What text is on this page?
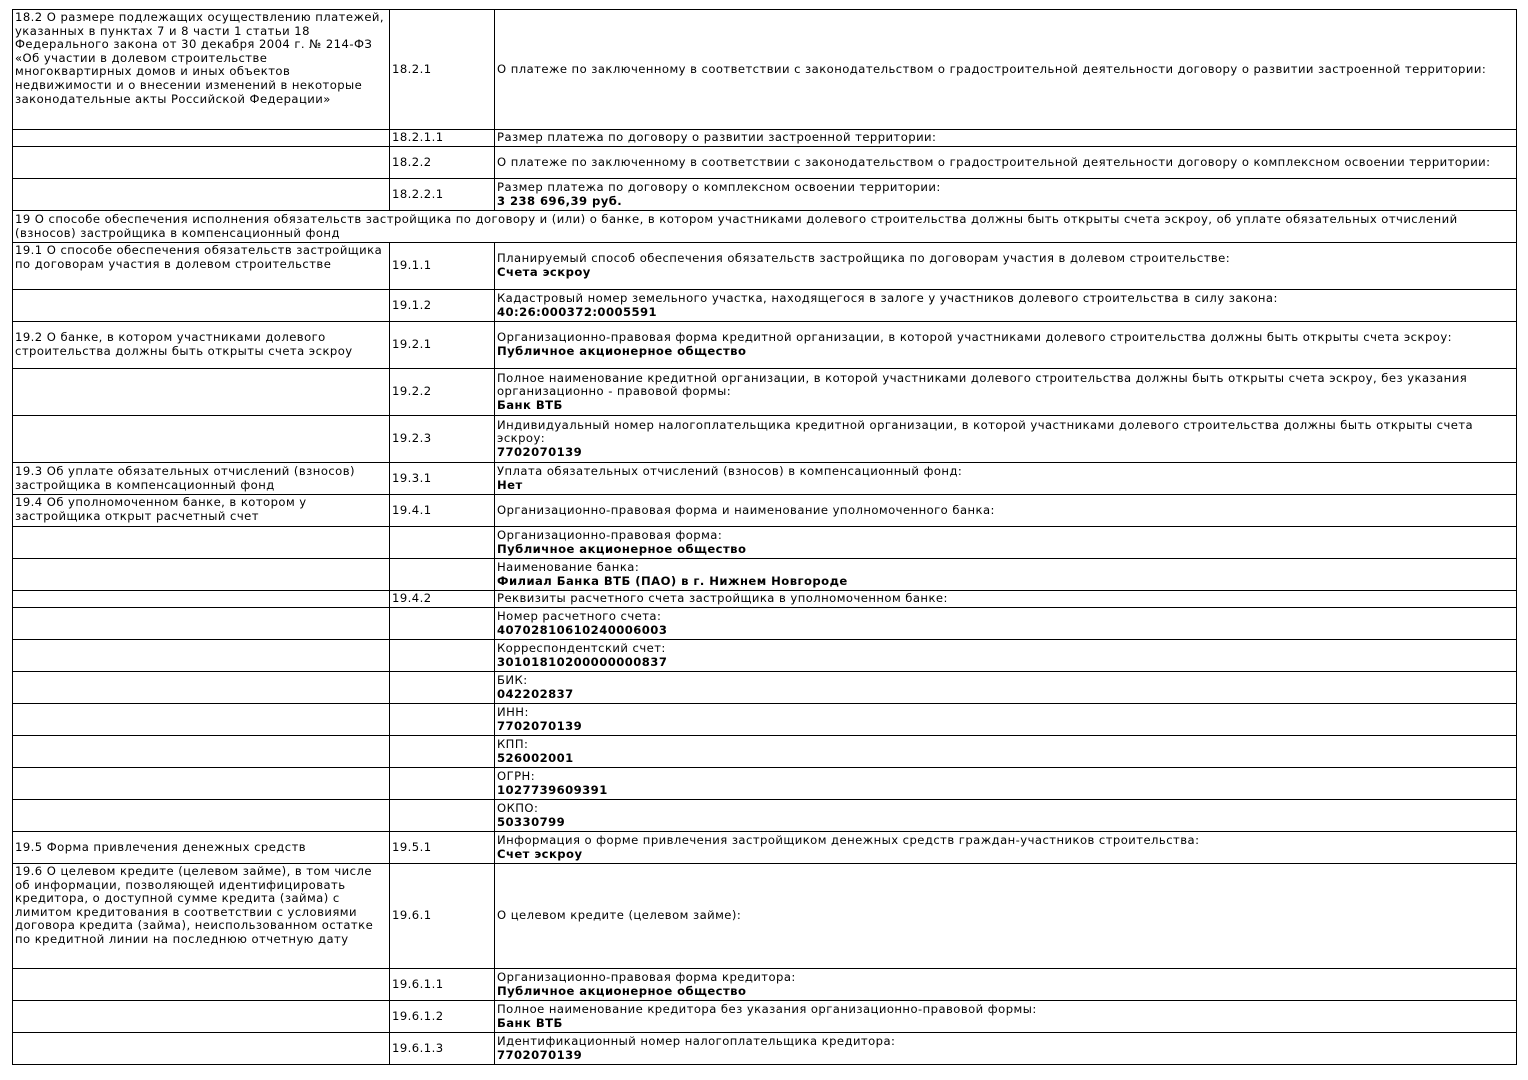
18.2 О размере подлежащих осуществлению платежей, указанных в пунктах 7 и 8 части 1 статьи 18 Федерального закона от 30 декабря 2004 г. № 214-ФЗ «Об участии в долевом строительстве многоквартирных домов и иных объектов недвижимости и о внесении изменений в некоторые законодательные акты Российской Федерации»	18.2.1	О платеже по заключенному в соответствии с законодательством о градостроительной деятельности договору о развитии застроенной территории:

	18.2.1.1	Размер платежа по договору о развитии застроенной территории:

	18.2.2	О платеже по заключенному в соответствии с законодательством о градостроительной деятельности договору о комплексном освоении территории:

	18.2.2.1	Размер платежа по договору о комплексном освоении территории:
3 238 696,39 руб.

19 О способе обеспечения исполнения обязательств застройщика по договору и (или) о банке, в котором участниками долевого строительства должны быть открыты счета эскроу, об уплате обязательных отчислений (взносов) застройщика в компенсационный фонд		
19.1 О способе обеспечения обязательств застройщика по договорам участия в долевом строительстве	19.1.1	Планируемый способ обеспечения обязательств застройщика по договорам участия в долевом строительстве:
Счета эскроу

	19.1.2	Кадастровый номер земельного участка, находящегося в залоге у участников долевого строительства в силу закона:
40:26:000372:0005591

19.2 О банке, в котором участниками долевого строительства должны быть открыты счета эскроу	19.2.1	Организационно-правовая форма кредитной организации, в которой участниками долевого строительства должны быть открыты счета эскроу:
Публичное акционерное общество

	19.2.2	Полное наименование кредитной организации, в которой участниками долевого строительства должны быть открыты счета эскроу, без указания организационно - правовой формы:
Банк ВТБ

	19.2.3	Индивидуальный номер налогоплательщика кредитной организации, в которой участниками долевого строительства должны быть открыты счета эскроу:
7702070139

19.3 Об уплате обязательных отчислений (взносов) застройщика в компенсационный фонд	19.3.1	Уплата обязательных отчислений (взносов) в компенсационный фонд:
Нет

19.4 Об уполномоченном банке, в котором у застройщика открыт расчетный счет	19.4.1	Организационно-правовая форма и наименование уполномоченного банка:

		Организационно-правовая форма:
Публичное акционерное общество

		Наименование банка:
Филиал Банка ВТБ (ПАО) в г. Нижнем Новгороде

	19.4.2	Реквизиты расчетного счета застройщика в уполномоченном банке:

		Номер расчетного счета:
40702810610240006003

		Корреспондентский счет:
30101810200000000837

		БИК:
042202837

		ИНН:
7702070139

		КПП:
526002001

		ОГРН:
1027739609391

		ОКПО:
50330799

19.5 Форма привлечения денежных средств	19.5.1	Информация о форме привлечения застройщиком денежных средств граждан-участников строительства:
Счет эскроу

19.6 О целевом кредите (целевом займе), в том числе об информации, позволяющей идентифицировать кредитора, о доступной сумме кредита (займа) с лимитом кредитования в соответствии с условиями договора кредита (займа), неиспользованном остатке по кредитной линии на последнюю отчетную дату	19.6.1	О целевом кредите (целевом займе):

	19.6.1.1	Организационно-правовая форма кредитора:
Публичное акционерное общество

	19.6.1.2	Полное наименование кредитора без указания организационно-правовой формы:
Банк ВТБ

	19.6.1.3	Идентификационный номер налогоплательщика кредитора:
7702070139
